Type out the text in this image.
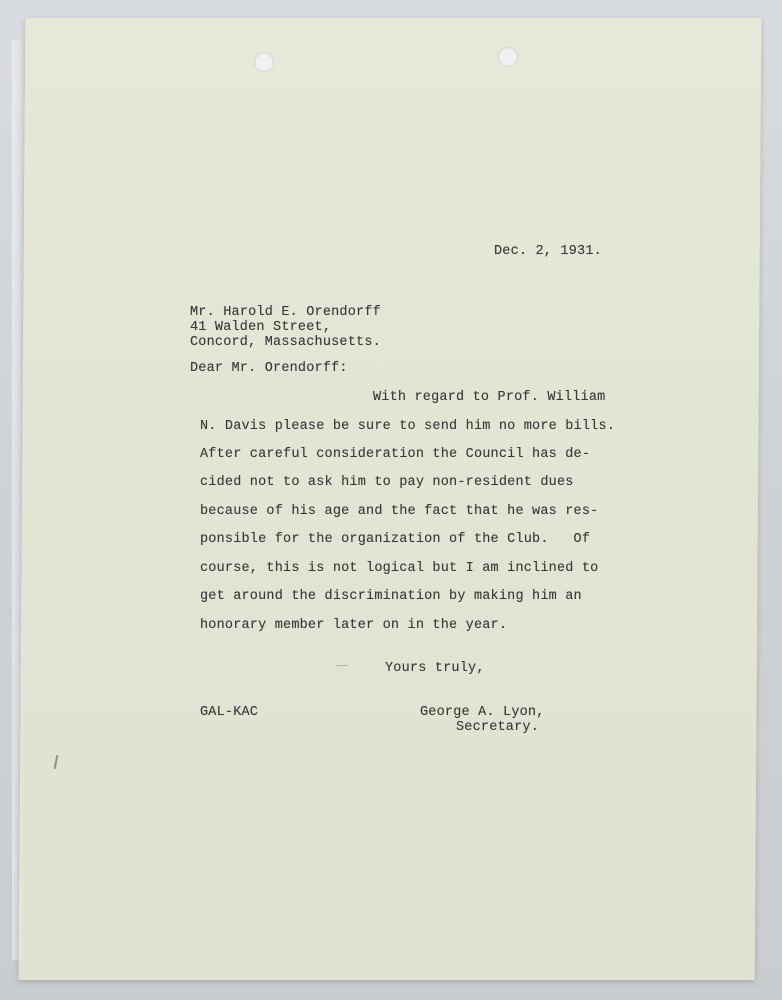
Dec. 2, 1931.
Mr. Harold E. Orendorff
41 Walden Street,
Concord, Massachusetts.
Dear Mr. Orendorff:
With regard to Prof. William
N. Davis please be sure to send him no more bills.
After careful consideration the Council has de-
cided not to ask him to pay non-resident dues
because of his age and the fact that he was res-
ponsible for the organization of the Club.   Of
course, this is not logical but I am inclined to
get around the discrimination by making him an
honorary member later on in the year.
Yours truly,
GAL-KAC	George A. Lyon,
Secretary.
